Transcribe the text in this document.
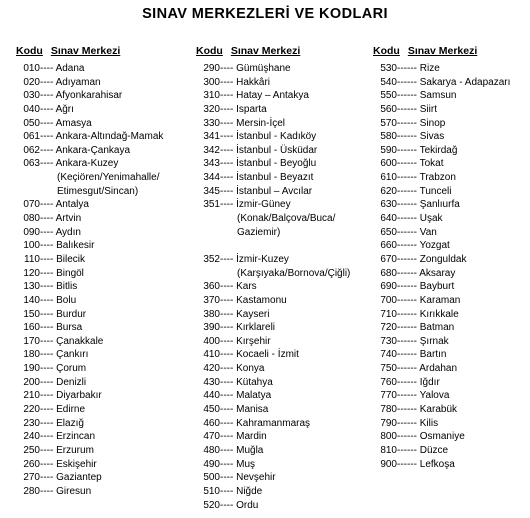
SINAV MERKEZLERİ VE KODLARI
Kodu Sınav Merkezi
010---- Adana
020---- Adıyaman
030---- Afyonkarahisar
040---- Ağrı
050---- Amasya
061---- Ankara-Altındağ-Mamak
062---- Ankara-Çankaya
063---- Ankara-Kuzey
(Keçiören/Yenimahalle/
Etimesgut/Sincan)
070---- Antalya
080---- Artvin
090---- Aydın
100---- Balıkesir
110---- Bilecik
120---- Bingöl
130---- Bitlis
140---- Bolu
150---- Burdur
160---- Bursa
170---- Çanakkale
180---- Çankırı
190---- Çorum
200---- Denizli
210---- Diyarbakır
220---- Edirne
230---- Elazığ
240---- Erzincan
250---- Erzurum
260---- Eskişehir
270---- Gaziantep
280---- Giresun
Kodu Sınav Merkezi
290---- Gümüşhane
300---- Hakkâri
310---- Hatay – Antakya
320---- Isparta
330---- Mersin-İçel
341---- İstanbul - Kadıköy
342---- İstanbul - Üsküdar
343---- İstanbul - Beyoğlu
344---- İstanbul - Beyazıt
345---- İstanbul – Avcılar
351---- İzmir-Güney
(Konak/Balçova/Buca/
Gaziemir)
352---- İzmir-Kuzey
(Karşıyaka/Bornova/Çiğli)
360---- Kars
370---- Kastamonu
380---- Kayseri
390---- Kırklareli
400---- Kırşehir
410---- Kocaeli - İzmit
420---- Konya
430---- Kütahya
440---- Malatya
450---- Manisa
460---- Kahramanmaraş
470---- Mardin
480---- Muğla
490---- Muş
500---- Nevşehir
510---- Niğde
520---- Ordu
Kodu Sınav Merkezi
530------ Rize
540------ Sakarya - Adapazarı
550------ Samsun
560------ Siirt
570------ Sinop
580------ Sivas
590------ Tekirdağ
600------ Tokat
610------ Trabzon
620------ Tunceli
630------ Şanlıurfa
640------ Uşak
650------ Van
660------ Yozgat
670------ Zonguldak
680------ Aksaray
690------ Bayburt
700------ Karaman
710------ Kırıkkale
720------ Batman
730------ Şırnak
740------ Bartın
750------ Ardahan
760------ Iğdır
770------ Yalova
780------ Karabük
790------ Kilis
800------ Osmaniye
810------ Düzce
900------ Lefkoşa
